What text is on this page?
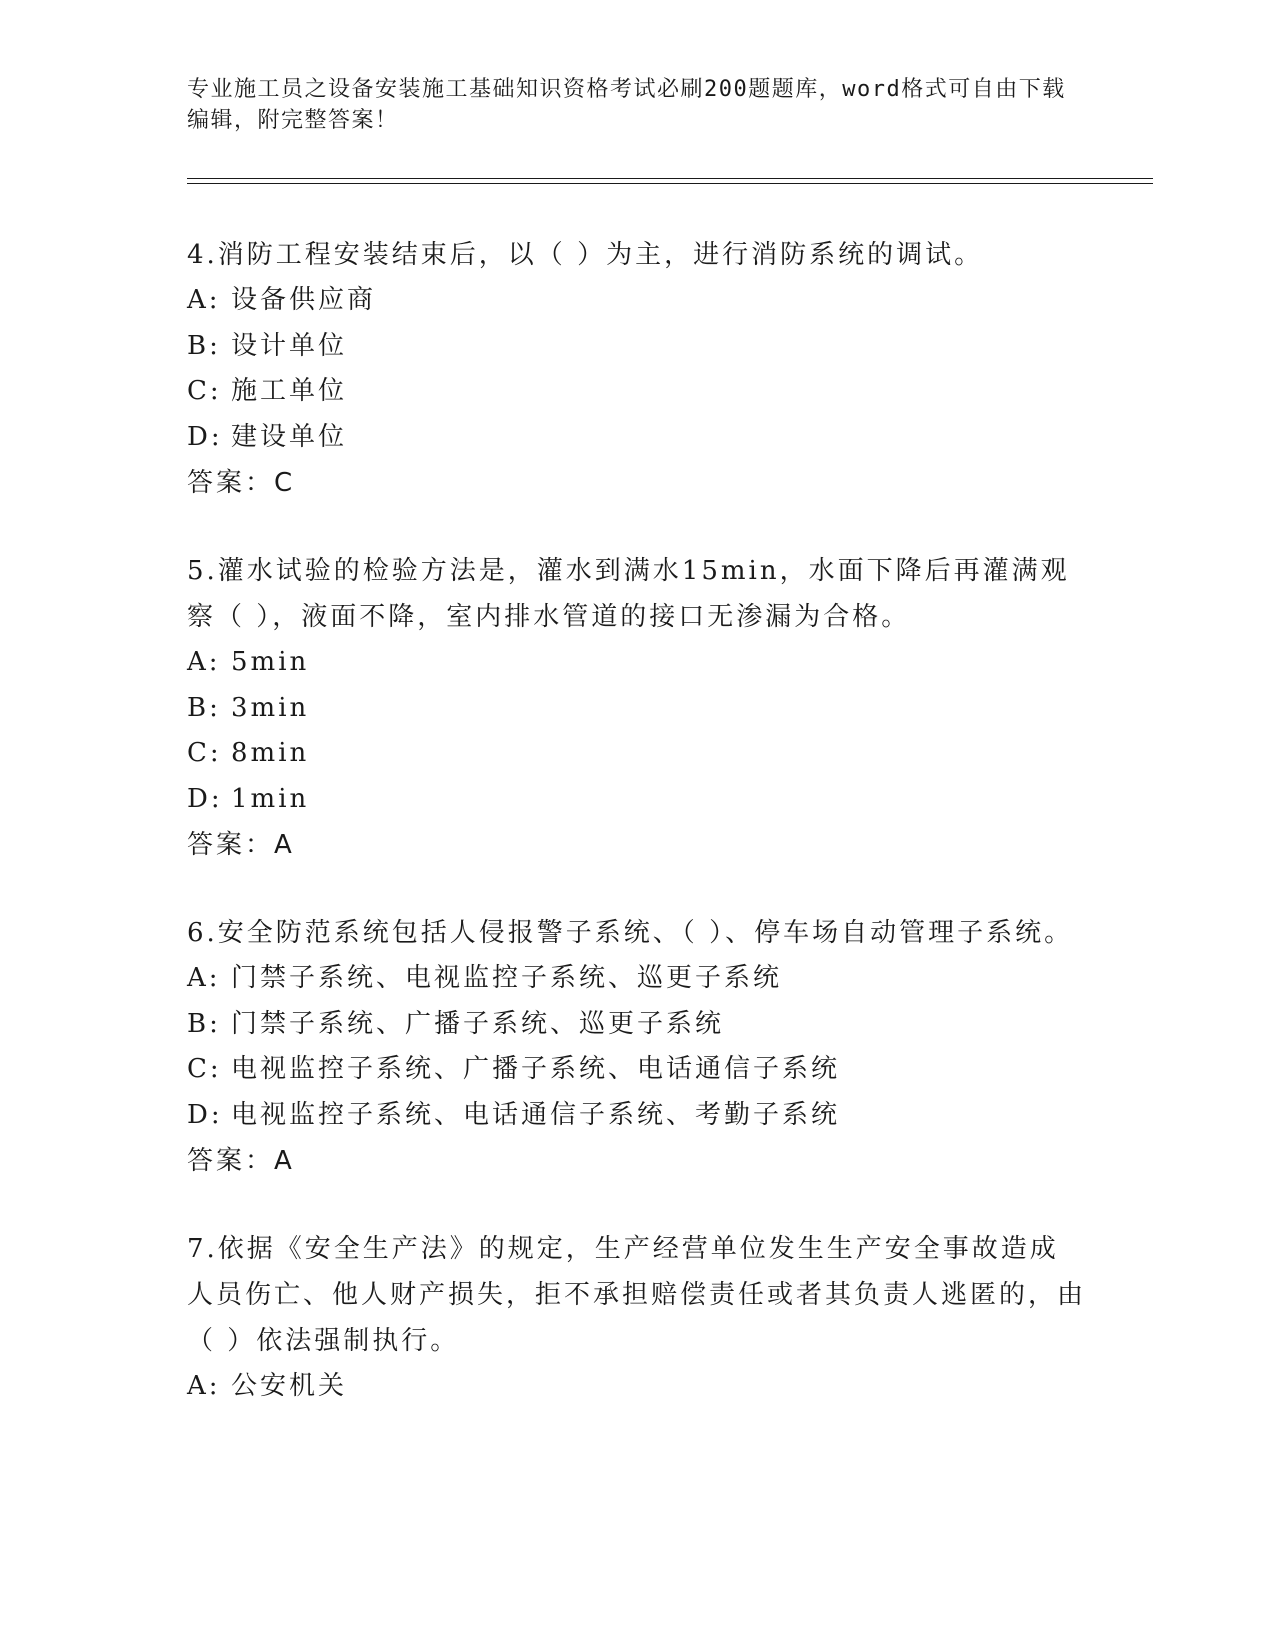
专业施工员之设备安装施工基础知识资格考试必刷200题题库，word格式可自由下载编辑，附完整答案！

4.消防工程安装结束后，以（ ）为主，进行消防系统的调试。

A: 设备供应商

B: 设计单位

C: 施工单位

D: 建设单位

答案：C

5.灌水试验的检验方法是，灌水到满水15min，水面下降后再灌满观察（ ），液面不降，室内排水管道的接口无渗漏为合格。

A: 5min

B: 3min

C: 8min

D: 1min

答案：A

6.安全防范系统包括人侵报警子系统、（ ）、停车场自动管理子系统。

A: 门禁子系统、电视监控子系统、巡更子系统

B: 门禁子系统、广播子系统、巡更子系统

C: 电视监控子系统、广播子系统、电话通信子系统

D: 电视监控子系统、电话通信子系统、考勤子系统

答案：A

7.依据《安全生产法》的规定，生产经营单位发生生产安全事故造成人员伤亡、他人财产损失，拒不承担赔偿责任或者其负责人逃匿的，由（ ）依法强制执行。

A: 公安机关
